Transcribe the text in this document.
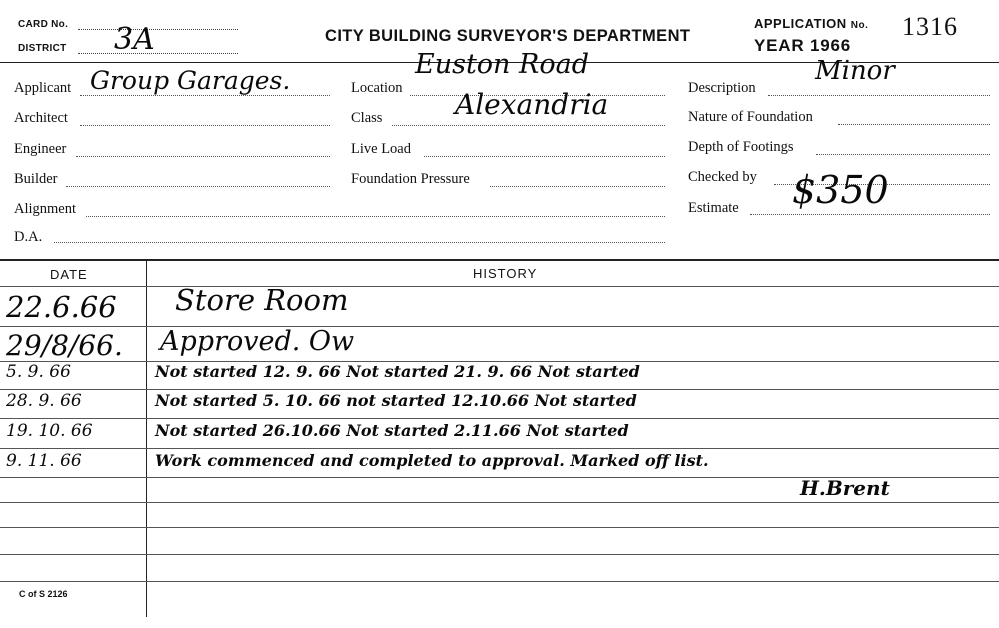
CARD No.
DISTRICT 3A	CITY BUILDING SURVEYOR'S DEPARTMENT
APPLICATION No. 1316
YEAR 1966
Applicant Group Garages.
Architect
Engineer
Builder
Alignment
D.A.
Location
Euston Road
Class	Alexandria
Live Load
Foundation Pressure
Description
Minor
Nature of Foundation
Depth of Footings
Checked by
Estimate $350
DATE	HISTORY
22.6.66	Store Room
29/8/66.	Approved. Ow
5. 9. 66	Not started 12. 9. 66 Not started 21. 9. 66 Not started
28. 9. 66	Not started 5. 10. 66 not started 12.10.66 Not started
19. 10. 66	Not started 26.10.66 Not started 2.11.66 Not started
9. 11. 66	Work commenced and completed to approval. Marked off list.
H.Brent
C of S 2126
